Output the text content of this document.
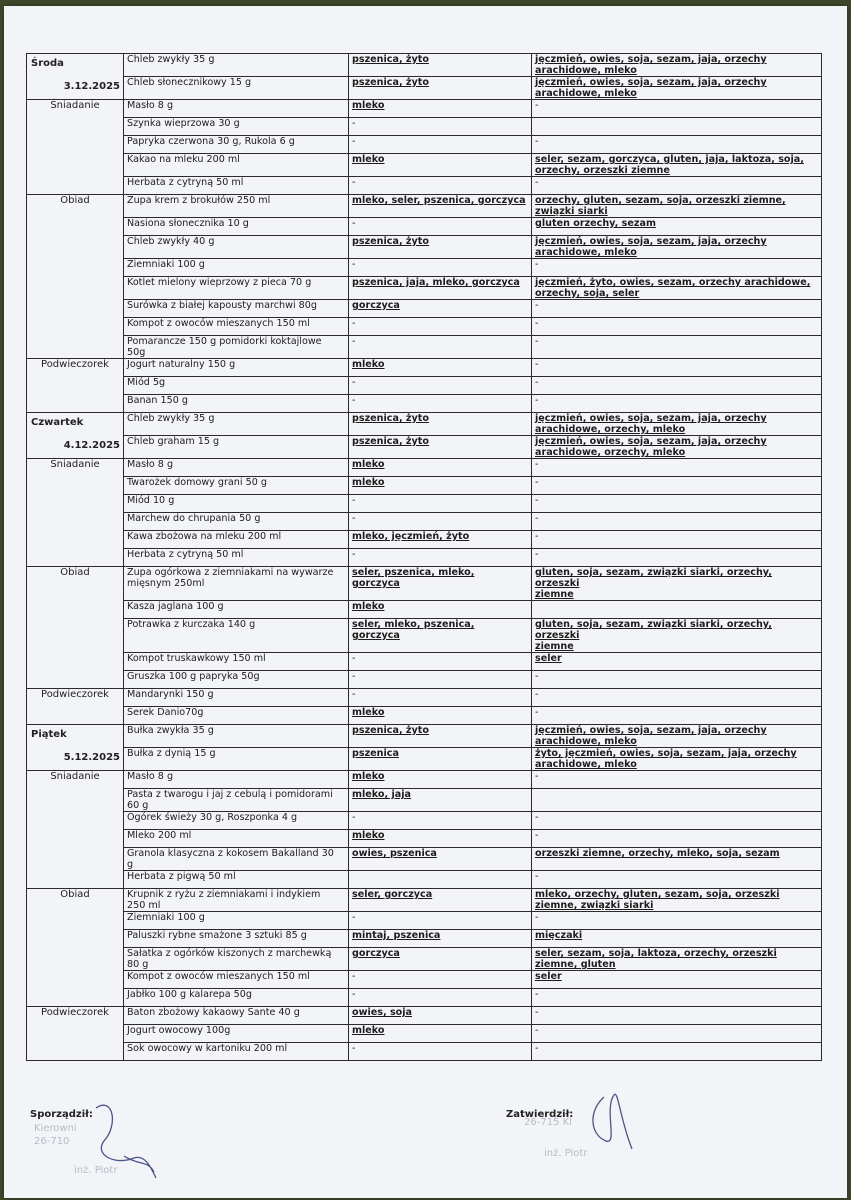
Środa
3.12.2025	Chleb zwykły 35 g	pszenica, żyto	jęczmień, owies, soja, sezam, jaja, orzechy
arachidowe, mleko

	Chleb słonecznikowy 15 g	pszenica, żyto	jęczmień, owies, soja, sezam, jaja, orzechy
arachidowe, mleko

Śniadanie	Masło 8 g	mleko	-

	Szynka wieprzowa 30 g	-	

	Papryka czerwona 30 g, Rukola 6 g	-	-

	Kakao na mleku 200 ml	mleko	seler, sezam, gorczyca, gluten, jaja, laktoza, soja,
orzechy, orzeszki ziemne

	Herbata z cytryną 50 ml	-	-

Obiad	Zupa krem z brokułów 250 ml	mleko, seler, pszenica, gorczyca	orzechy, gluten, sezam, soja, orzeszki ziemne,
związki siarki

	Nasiona słonecznika 10 g	-	gluten orzechy, sezam

	Chleb zwykły 40 g	pszenica, żyto	jęczmień, owies, soja, sezam, jaja, orzechy
arachidowe, mleko

	Ziemniaki 100 g	-	-

	Kotlet mielony wieprzowy z pieca 70 g	pszenica, jaja, mleko, gorczyca	jęczmień, żyto, owies, sezam, orzechy arachidowe,
orzechy, soja, seler

	Surówka z białej kapousty marchwi 80g	gorczyca	-

	Kompot z owoców mieszanych 150 ml	-	-

	Pomarancze 150 g pomidorki koktajlowe
50g	-	-

Podwieczorek	Jogurt naturalny 150 g	mleko	-

	Miód 5g	-	-

	Banan 150 g	-	-

Czwartek
4.12.2025	Chleb zwykły 35 g	pszenica, żyto	jęczmień, owies, soja, sezam, jaja, orzechy
arachidowe, orzechy, mleko

	Chleb graham 15 g	pszenica, żyto	jęczmień, owies, soja, sezam, jaja, orzechy
arachidowe, orzechy, mleko

Śniadanie	Masło 8 g	mleko	-

	Twarożek domowy grani 50 g	mleko	-

	Miód 10 g	-	-

	Marchew do chrupania 50 g	-	-

	Kawa zbożowa na mleku 200 ml	mleko, jęczmień, żyto	-

	Herbata z cytryną 50 ml	-	-

Obiad	Zupa ogórkowa z ziemniakami na wywarze
mięsnym 250ml	seler, pszenica, mleko,
gorczyca	gluten, soja, sezam, związki siarki, orzechy, orzeszki
ziemne

	Kasza jaglana 100 g	mleko	

	Potrawka z kurczaka 140 g	seler, mleko, pszenica,
gorczyca	gluten, soja, sezam, związki siarki, orzechy, orzeszki
ziemne

	Kompot truskawkowy 150 ml	-	seler

	Gruszka 100 g papryka 50g	-	-

Podwieczorek	Mandarynki 150 g	-	-

	Serek Danio70g	mleko	-

Piątek
5.12.2025	Bułka zwykła 35 g	pszenica, żyto	jęczmień, owies, soja, sezam, jaja, orzechy
arachidowe, mleko

	Bułka z dynią 15 g	pszenica	żyto, jęczmień, owies, soja, sezam, jaja, orzechy
arachidowe, mleko

Śniadanie	Masło 8 g	mleko	-

	Pasta z twarogu i jaj z cebulą i pomidorami
60 g	mleko, jaja	

	Ogórek świeży 30 g, Roszponka 4 g	-	-

	Mleko 200 ml	mleko	-

	Granola klasyczna z kokosem Bakalland 30
g	owies, pszenica	orzeszki ziemne, orzechy, mleko, soja, sezam

	Herbata z pigwą 50 ml		-

Obiad	Krupnik z ryżu z ziemniakami i indykiem
250 ml	seler, gorczyca	mleko, orzechy, gluten, sezam, soja, orzeszki
ziemne, związki siarki

	Ziemniaki 100 g	-	-

	Paluszki rybne smażone 3 sztuki 85 g	mintaj, pszenica	mięczaki

	Sałatka z ogórków kiszonych z marchewką
80 g	gorczyca	seler, sezam, soja, laktoza, orzechy, orzeszki
ziemne, gluten

	Kompot z owoców mieszanych 150 ml	-	seler

	Jabłko 100 g kalarepa 50g	-	-

Podwieczorek	Baton zbożowy kakaowy Sante 40 g	owies, soja	-

	Jogurt owocowy 100g	mleko	-

	Sok owocowy w kartoniku 200 ml	-	-
Sporządził:	Zatwierdził:
Kierowni
26-710
inż. Piotr
26-715 Kl
inż. Piotr
